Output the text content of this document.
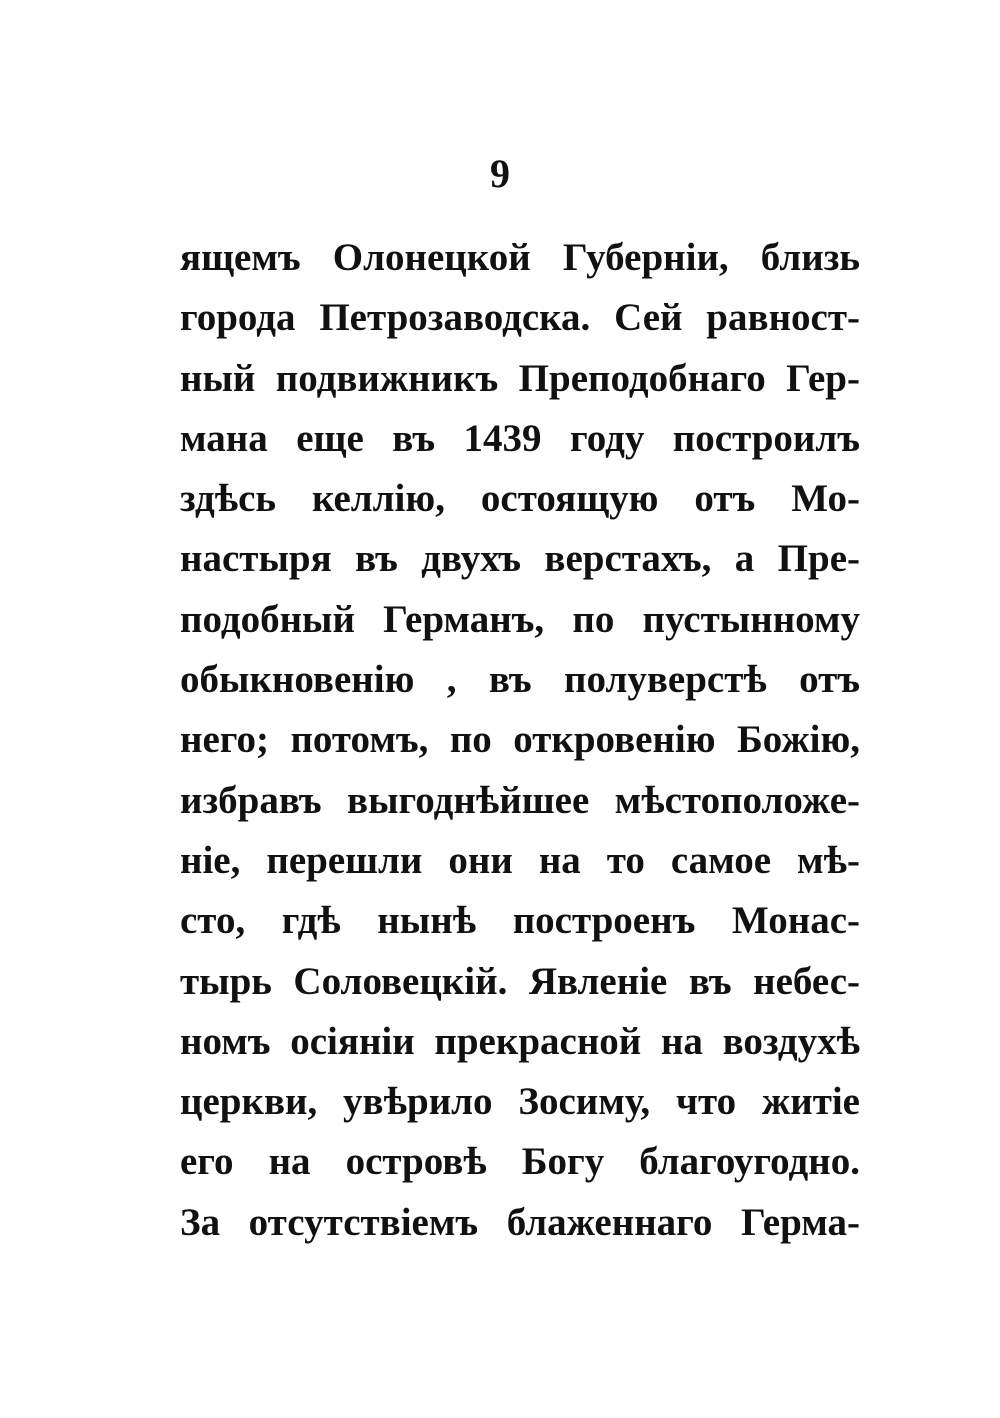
9
ящемъ Олонецкой Губерніи, близь
города Петрозаводска. Сей равност-
ный подвижникъ Преподобнаго Гер-
мана еще въ 1439 году построилъ
здѣсь келлію, остоящую отъ Мо-
настыря въ двухъ верстахъ, а Пре-
подобный Германъ, по пустынному
обыкновенію , въ полуверстѣ отъ
него; потомъ, по откровенію Божію,
избравъ выгоднѣйшее мѣстоположе-
ніе, перешли они на то самое мѣ-
сто, гдѣ нынѣ построенъ Монас-
тырь Соловецкій. Явленіе въ небес-
номъ осіяніи прекрасной на воздухѣ
церкви, увѣрило Зосиму, что житіе
его на островѣ Богу благоугодно.
За отсутствіемъ блаженнаго Герма-
